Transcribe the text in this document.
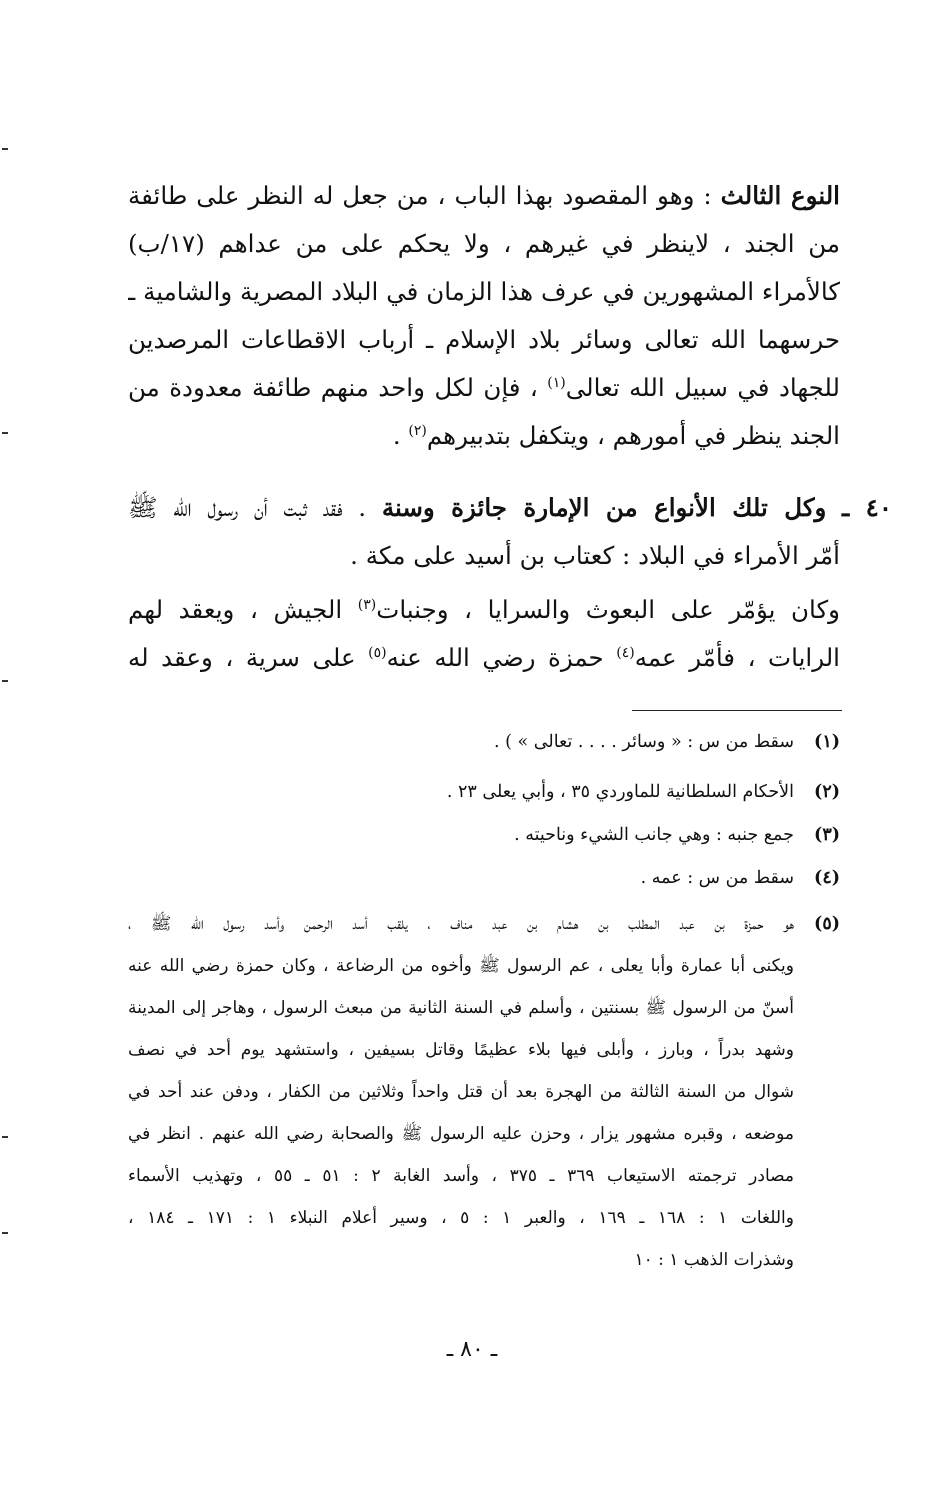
النوع الثالث : وهو المقصود بهذا الباب ، من جعل له النظر على طائفة
من الجند ، لاينظر في غيرهم ، ولا يحكم على من عداهم (١٧/ب)
كالأمراء المشهورين في عرف هذا الزمان في البلاد المصرية والشامية ـ
حرسهما الله تعالى وسائر بلاد الإسلام ـ أرباب الاقطاعات المرصدين
للجهاد في سبيل الله تعالى$^{(١)}$ ، فإن لكل واحد منهم طائفة معدودة من
الجند ينظر في أمورهم ، ويتكفل بتدبيرهم$^{(٢)}$ .
٤٠ ـ وكل تلك الأنواع من الإمارة جائزة وسنة . فقد ثبت أن رسول الله ﷺ
أمّر الأمراء في البلاد : كعتاب بن أسيد على مكة .
وكان يؤمّر على البعوث والسرايا ، وجنبات$^{(٣)}$ الجيش ، ويعقد لهم
الرايات ، فأمّر عمه$^{(٤)}$ حمزة رضي الله عنه$^{(٥)}$ على سرية ، وعقد له
(١)
سقط من س : « وسائر . . . . تعالى » ) .
(٢)
الأحكام السلطانية للماوردي ٣٥ ، وأبي يعلى ٢٣ .
(٣)
جمع جنبه : وهي جانب الشيء وناحيته .
(٤)
سقط من س : عمه .
(٥)
هو حمزة بن عبد المطلب بن هشام بن عبد مناف ، يلقب أسد الرحمن وأسد رسول الله ﷺ ،
ويكنى أبا عمارة وأبا يعلى ، عم الرسول ﷺ وأخوه من الرضاعة ، وكان حمزة رضي الله عنه
أسنّ من الرسول ﷺ بسنتين ، وأسلم في السنة الثانية من مبعث الرسول ، وهاجر إلى المدينة
وشهد بدراً ، وبارز ، وأبلى فيها بلاء عظيمًا وقاتل بسيفين ، واستشهد يوم أحد في نصف
شوال من السنة الثالثة من الهجرة بعد أن قتل واحداً وثلاثين من الكفار ، ودفن عند أحد في
موضعه ، وقبره مشهور يزار ، وحزن عليه الرسول ﷺ والصحابة رضي الله عنهم . انظر في
مصادر ترجمته الاستيعاب ٣٦٩ ـ ٣٧٥ ، وأسد الغابة ٢ : ٥١ ـ ٥٥ ، وتهذيب الأسماء
واللغات ١ : ١٦٨ ـ ١٦٩ ، والعبر ١ : ٥ ، وسير أعلام النبلاء ١ : ١٧١ ـ ١٨٤ ،
وشذرات الذهب ١ : ١٠
ـ ٨٠ ـ
